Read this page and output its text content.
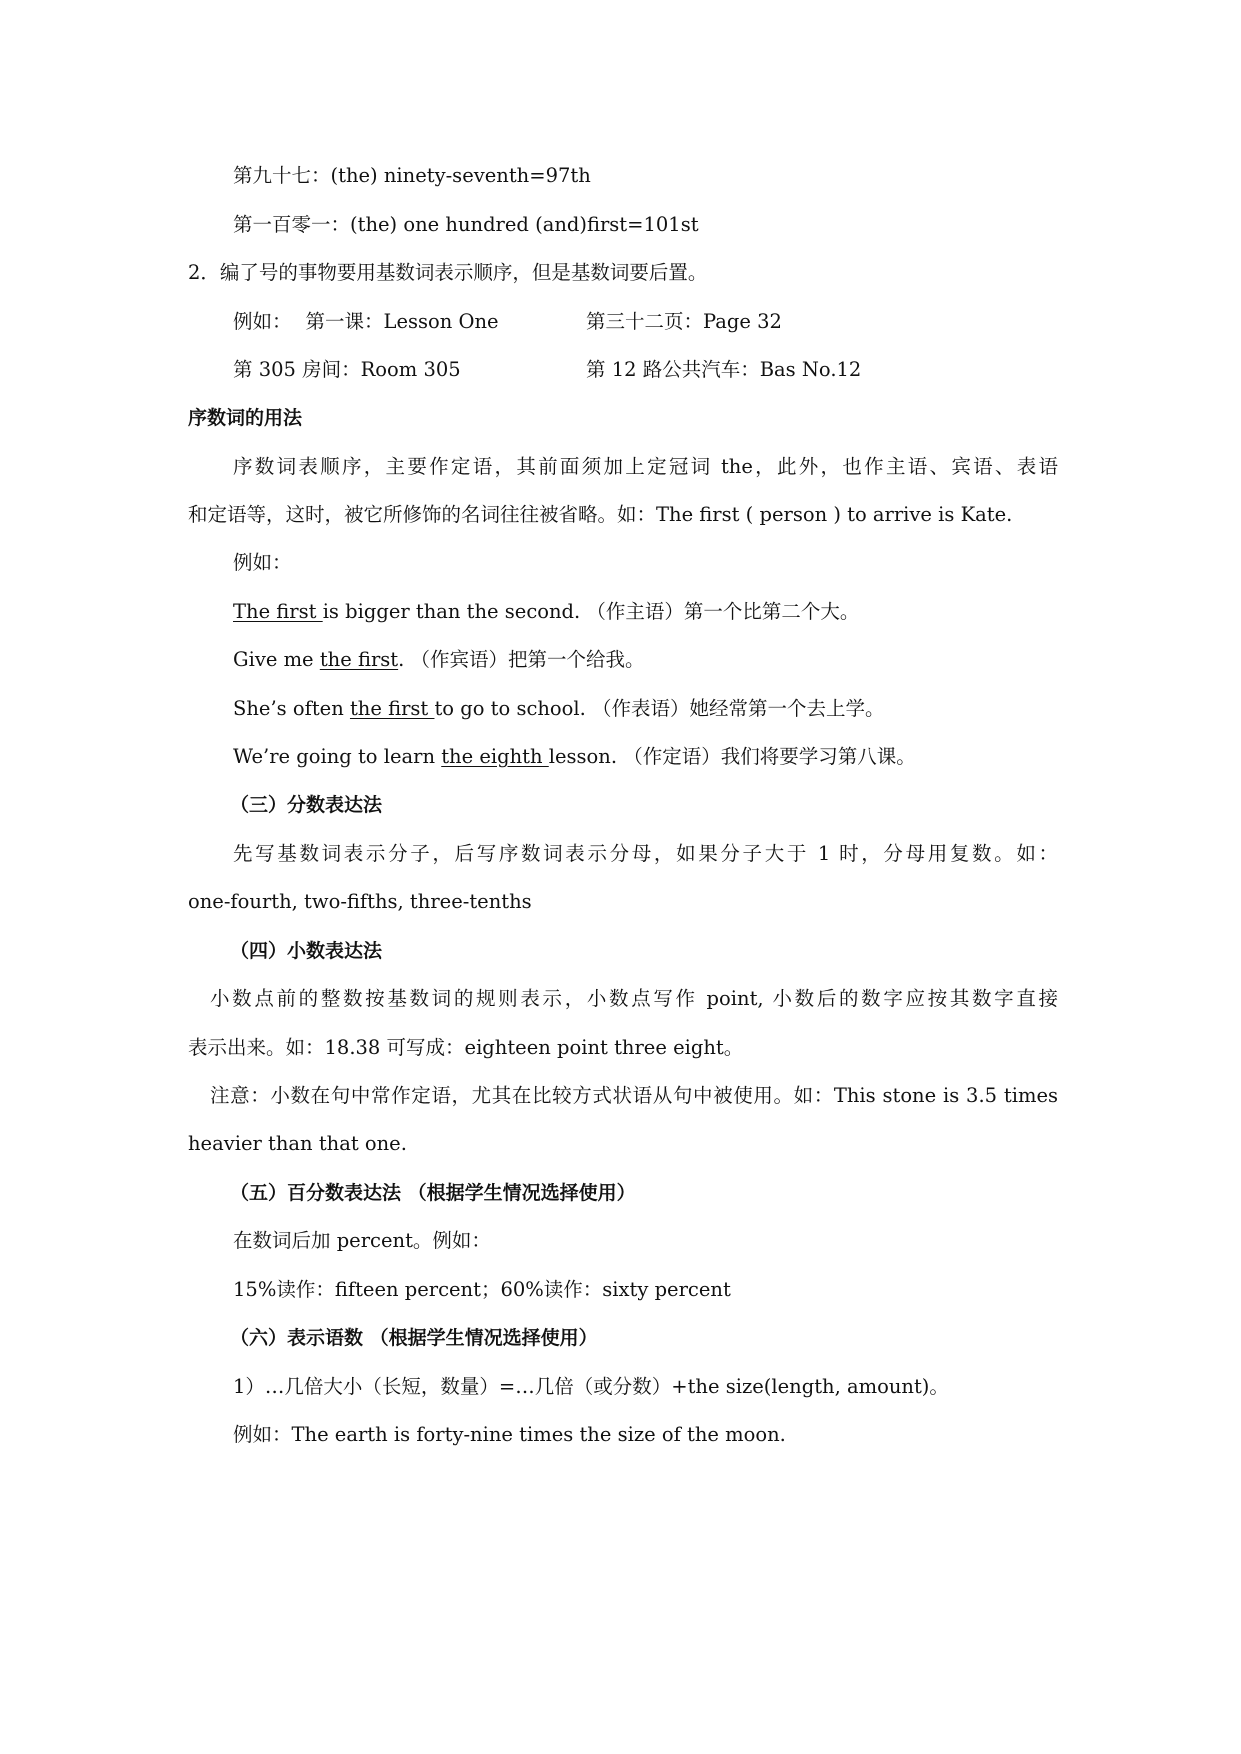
第九十七：(the) ninety-seventh=97th
第一百零一：(the) one hundred (and)first=101st
2．编了号的事物要用基数词表示顺序，但是基数词要后置。
例如： 第一课：Lesson One	第三十二页：Page 32
第 305 房间：Room 305	第 12 路公共汽车：Bas No.12
序数词的用法
序数词表顺序，主要作定语，其前面须加上定冠词 the，此外，也作主语、宾语、表语
和定语等，这时，被它所修饰的名词往往被省略。如：The first ( person ) to arrive is Kate.
例如：
The first is bigger than the second. （作主语）第一个比第二个大。
Give me the first. （作宾语）把第一个给我。
She’s often the first to go to school. （作表语）她经常第一个去上学。
We’re going to learn the eighth lesson. （作定语）我们将要学习第八课。
（三）分数表达法
先写基数词表示分子，后写序数词表示分母，如果分子大于 1 时，分母用复数。如：
one-fourth, two-fifths, three-tenths
（四）小数表达法
小数点前的整数按基数词的规则表示，小数点写作 point, 小数后的数字应按其数字直接
表示出来。如：18.38 可写成：eighteen point three eight。
注意：小数在句中常作定语，尤其在比较方式状语从句中被使用。如：This stone is 3.5 times
heavier than that one.
（五）百分数表达法 （根据学生情况选择使用）
在数词后加 percent。例如：
15%读作：fifteen percent；60%读作：sixty percent
（六）表示语数 （根据学生情况选择使用）
1）…几倍大小（长短，数量）=…几倍（或分数）+the size(length, amount)。
例如：The earth is forty-nine times the size of the moon.
